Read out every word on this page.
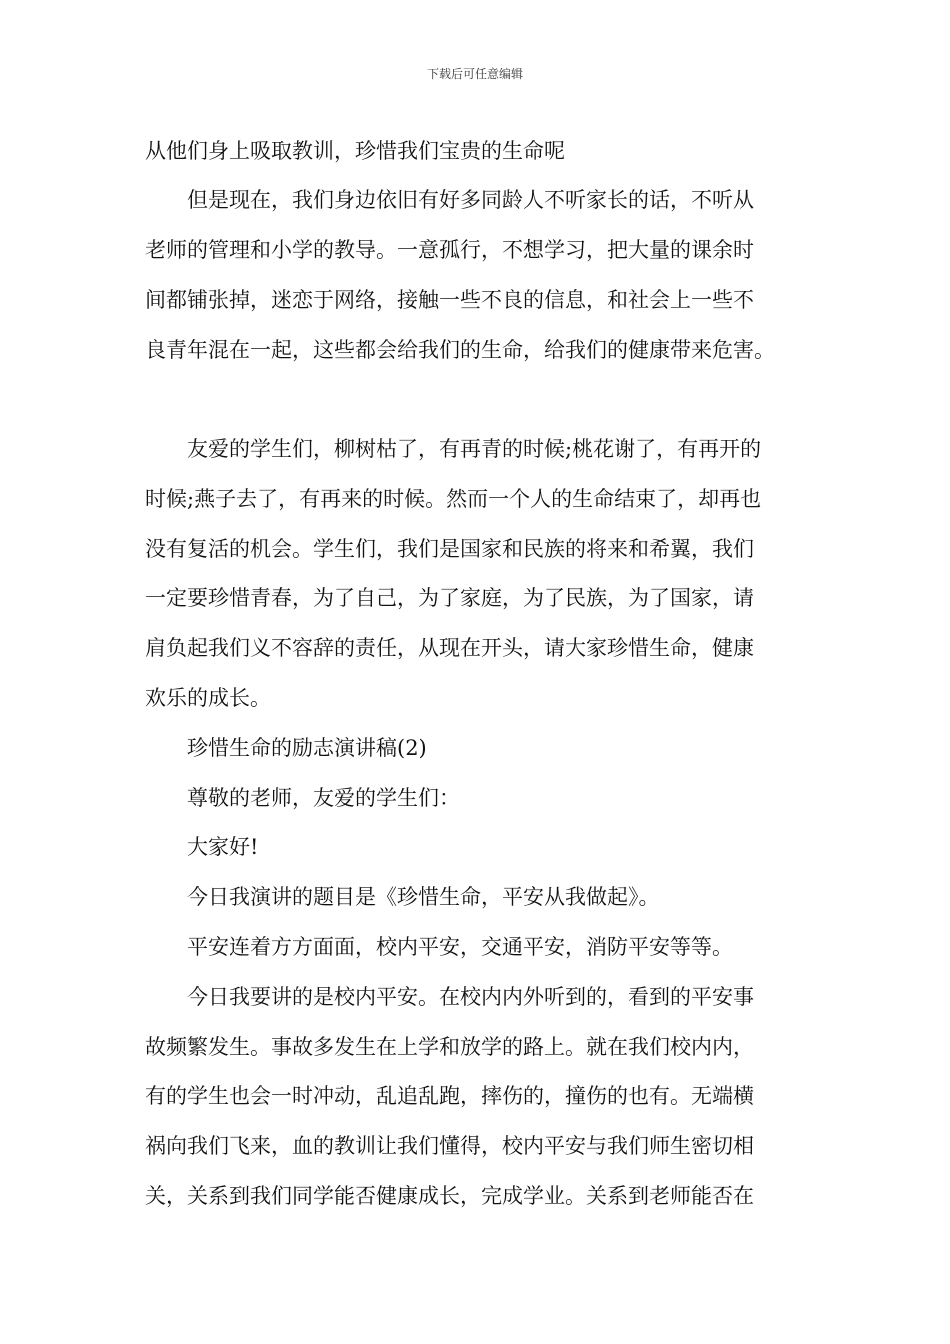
下载后可任意编辑
从他们身上吸取教训，珍惜我们宝贵的生命呢
　　但是现在，我们身边依旧有好多同龄人不听家长的话，不听从
老师的管理和小学的教导。一意孤行，不想学习，把大量的课余时
间都铺张掉，迷恋于网络，接触一些不良的信息，和社会上一些不
良青年混在一起，这些都会给我们的生命，给我们的健康带来危害。
　　友爱的学生们，柳树枯了，有再青的时候;桃花谢了，有再开的
时候;燕子去了，有再来的时候。然而一个人的生命结束了，却再也
没有复活的机会。学生们，我们是国家和民族的将来和希翼，我们
一定要珍惜青春，为了自己，为了家庭，为了民族，为了国家，请
肩负起我们义不容辞的责任，从现在开头，请大家珍惜生命，健康
欢乐的成长。
　　珍惜生命的励志演讲稿(2)
　　尊敬的老师，友爱的学生们：
　　大家好!
　　今日我演讲的题目是《珍惜生命，平安从我做起》。
　　平安连着方方面面，校内平安，交通平安，消防平安等等。
　　今日我要讲的是校内平安。在校内内外听到的，看到的平安事
故频繁发生。事故多发生在上学和放学的路上。就在我们校内内，
有的学生也会一时冲动，乱追乱跑，摔伤的，撞伤的也有。无端横
祸向我们飞来，血的教训让我们懂得，校内平安与我们师生密切相
关，关系到我们同学能否健康成长，完成学业。关系到老师能否在
